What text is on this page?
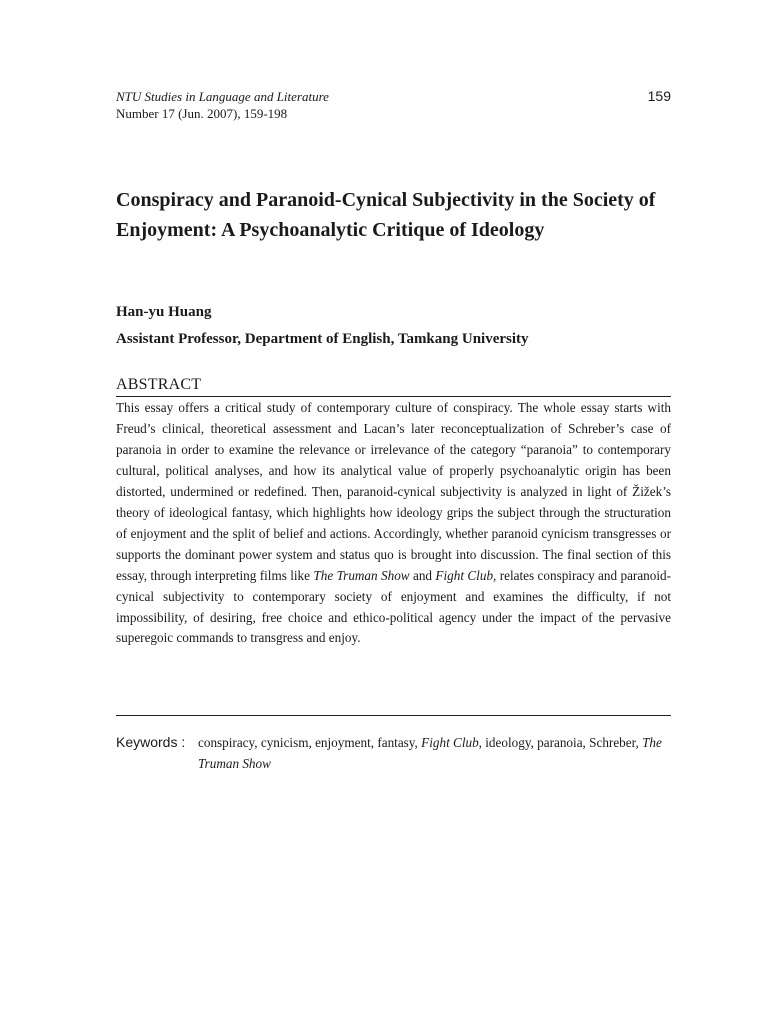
NTU Studies in Language and Literature
Number 17 (Jun. 2007), 159-198
159
Conspiracy and Paranoid-Cynical Subjectivity in the Society of Enjoyment: A Psychoanalytic Critique of Ideology
Han-yu Huang
Assistant Professor, Department of English, Tamkang University
ABSTRACT

This essay offers a critical study of contemporary culture of conspiracy. The whole essay starts with Freud’s clinical, theoretical assessment and Lacan’s later reconceptualization of Schreber’s case of paranoia in order to examine the relevance or irrelevance of the category “paranoia” to contemporary cultural, political analyses, and how its analytical value of properly psychoanalytic origin has been distorted, undermined or redefined. Then, paranoid-cynical subjectivity is analyzed in light of Žižek’s theory of ideological fantasy, which highlights how ideology grips the subject through the structuration of enjoyment and the split of belief and actions. Accordingly, whether paranoid cynicism transgresses or supports the dominant power system and status quo is brought into discussion. The final section of this essay, through interpreting films like The Truman Show and Fight Club, relates conspiracy and paranoid-cynical subjectivity to contemporary society of enjoyment and examines the difficulty, if not impossibility, of desiring, free choice and ethico-political agency under the impact of the pervasive superegoic commands to transgress and enjoy.

Keywords : conspiracy, cynicism, enjoyment, fantasy, Fight Club, ideology, paranoia, Schreber, The Truman Show
